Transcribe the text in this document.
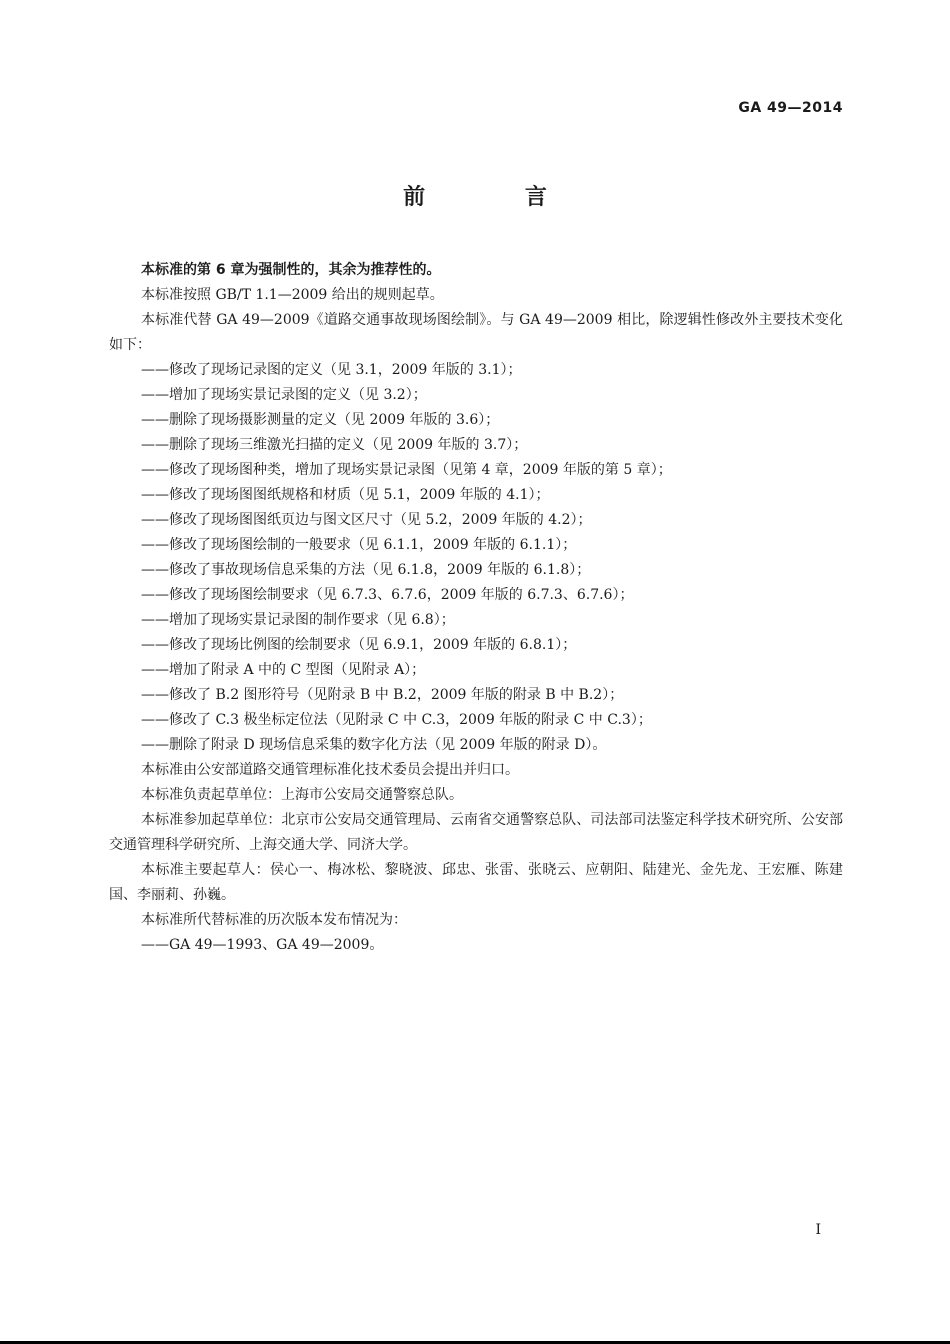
GA 49—2014
前 言

本标准的第 6 章为强制性的，其余为推荐性的。

本标准按照 GB/T 1.1—2009 给出的规则起草。

本标准代替 GA 49—2009《道路交通事故现场图绘制》。与 GA 49—2009 相比，除逻辑性修改外主要技术变化如下：

——修改了现场记录图的定义（见 3.1，2009 年版的 3.1）；

——增加了现场实景记录图的定义（见 3.2）；

——删除了现场摄影测量的定义（见 2009 年版的 3.6）；

——删除了现场三维激光扫描的定义（见 2009 年版的 3.7）；

——修改了现场图种类，增加了现场实景记录图（见第 4 章，2009 年版的第 5 章）；

——修改了现场图图纸规格和材质（见 5.1，2009 年版的 4.1）；

——修改了现场图图纸页边与图文区尺寸（见 5.2，2009 年版的 4.2）；

——修改了现场图绘制的一般要求（见 6.1.1，2009 年版的 6.1.1）；

——修改了事故现场信息采集的方法（见 6.1.8，2009 年版的 6.1.8）；

——修改了现场图绘制要求（见 6.7.3、6.7.6，2009 年版的 6.7.3、6.7.6）；

——增加了现场实景记录图的制作要求（见 6.8）；

——修改了现场比例图的绘制要求（见 6.9.1，2009 年版的 6.8.1）；

——增加了附录 A 中的 C 型图（见附录 A）；

——修改了 B.2 图形符号（见附录 B 中 B.2，2009 年版的附录 B 中 B.2）；

——修改了 C.3 极坐标定位法（见附录 C 中 C.3，2009 年版的附录 C 中 C.3）；

——删除了附录 D 现场信息采集的数字化方法（见 2009 年版的附录 D）。

本标准由公安部道路交通管理标准化技术委员会提出并归口。

本标准负责起草单位：上海市公安局交通警察总队。

本标准参加起草单位：北京市公安局交通管理局、云南省交通警察总队、司法部司法鉴定科学技术研究所、公安部交通管理科学研究所、上海交通大学、同济大学。

本标准主要起草人：侯心一、梅冰松、黎晓波、邱忠、张雷、张晓云、应朝阳、陆建光、金先龙、王宏雁、陈建国、李丽莉、孙巍。

本标准所代替标准的历次版本发布情况为：

——GA 49—1993、GA 49—2009。

I
